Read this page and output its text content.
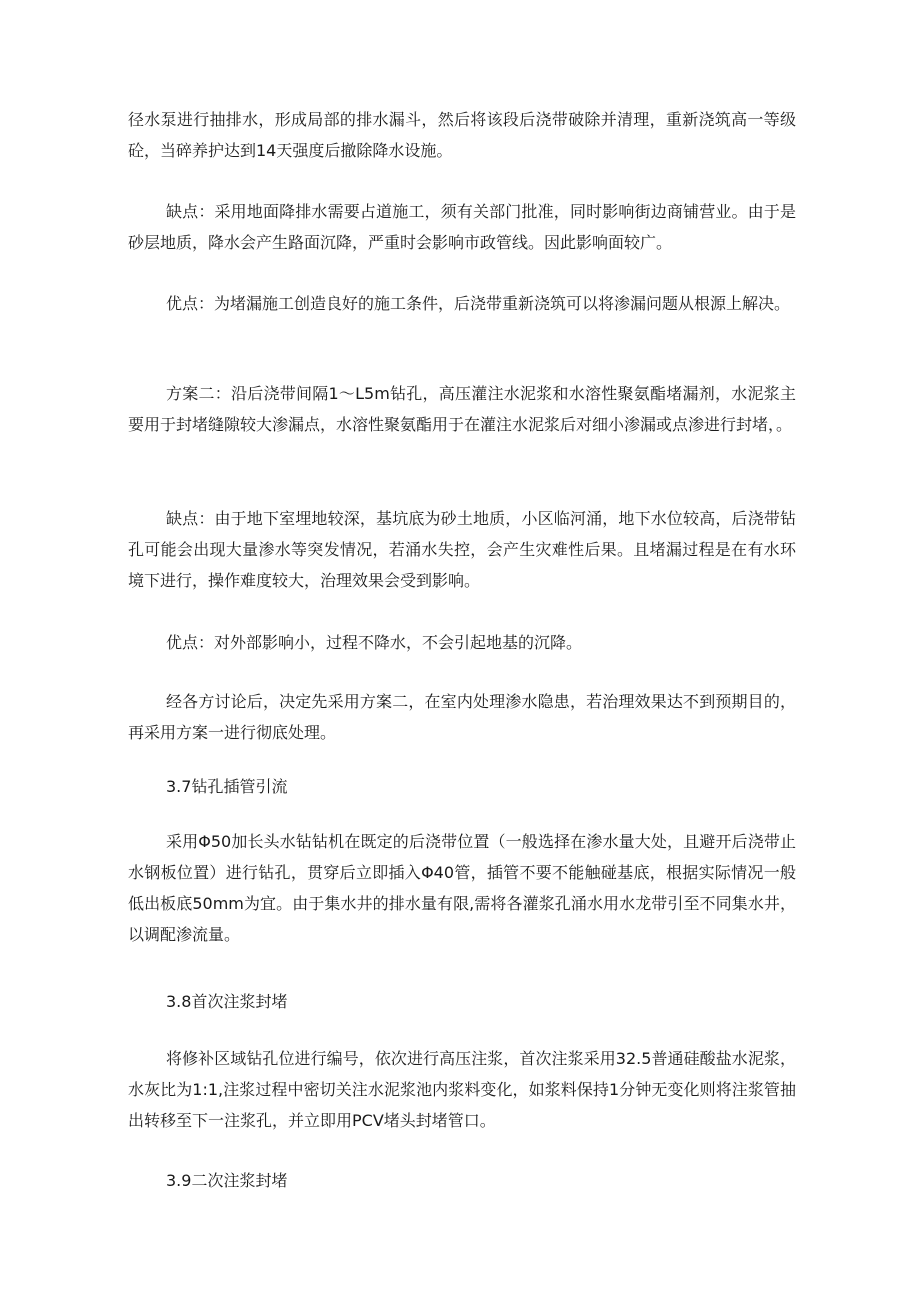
径水泵进行抽排水，形成局部的排水漏斗，然后将该段后浇带破除并清理，重新浇筑高一等级砼，当碎养护达到14天强度后撤除降水设施。

缺点：采用地面降排水需要占道施工，须有关部门批准，同时影响街边商铺营业。由于是砂层地质，降水会产生路面沉降，严重时会影响市政管线。因此影响面较广。

优点：为堵漏施工创造良好的施工条件，后浇带重新浇筑可以将渗漏问题从根源上解决。

方案二：沿后浇带间隔1〜L5m钻孔，高压灌注水泥浆和水溶性聚氨酯堵漏剂，水泥浆主要用于封堵缝隙较大渗漏点，水溶性聚氨酯用于在灌注水泥浆后对细小渗漏或点渗进行封堵，。

缺点：由于地下室埋地较深，基坑底为砂土地质，小区临河涌，地下水位较高，后浇带钻孔可能会出现大量渗水等突发情况，若涌水失控，会产生灾难性后果。且堵漏过程是在有水环境下进行，操作难度较大，治理效果会受到影响。

优点：对外部影响小，过程不降水，不会引起地基的沉降。

经各方讨论后，决定先采用方案二，在室内处理渗水隐患，若治理效果达不到预期目的，再采用方案一进行彻底处理。

3.7钻孔插管引流

采用Φ50加长头水钻钻机在既定的后浇带位置（一般选择在渗水量大处，且避开后浇带止水钢板位置）进行钻孔，贯穿后立即插入Φ40管，插管不要不能触碰基底，根据实际情况一般低出板底50mm为宜。由于集水井的排水量有限,需将各灌浆孔涌水用水龙带引至不同集水井，以调配渗流量。

3.8首次注浆封堵

将修补区域钻孔位进行编号，依次进行高压注浆，首次注浆采用32.5普通硅酸盐水泥浆，水灰比为1:1,注浆过程中密切关注水泥浆池内浆料变化，如浆料保持1分钟无变化则将注浆管抽出转移至下一注浆孔，并立即用PCV堵头封堵管口。

3.9二次注浆封堵
